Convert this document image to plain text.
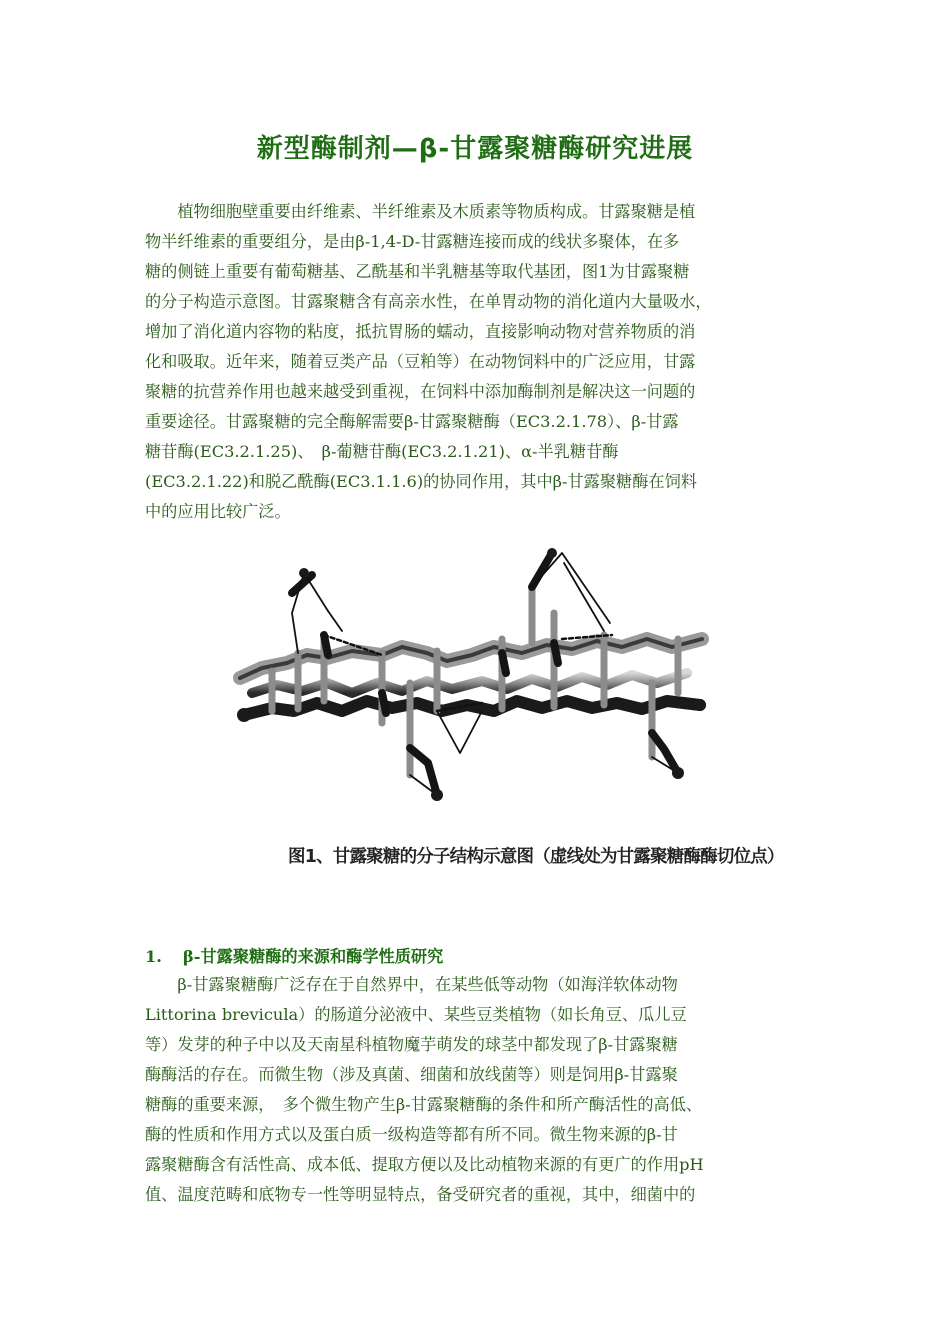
新型酶制剂—β-甘露聚糖酶研究进展
　　植物细胞壁重要由纤维素、半纤维素及木质素等物质构成。甘露聚糖是植
物半纤维素的重要组分，是由β-1,4-D-甘露糖连接而成的线状多聚体，在多
糖的侧链上重要有葡萄糖基、乙酰基和半乳糖基等取代基团，图1为甘露聚糖
的分子构造示意图。甘露聚糖含有高亲水性，在单胃动物的消化道内大量吸水，
增加了消化道内容物的粘度，抵抗胃肠的蠕动，直接影响动物对营养物质的消
化和吸取。近年来，随着豆类产品（豆粕等）在动物饲料中的广泛应用，甘露
聚糖的抗营养作用也越来越受到重视，在饲料中添加酶制剂是解决这一问题的
重要途径。甘露聚糖的完全酶解需要β-甘露聚糖酶（EC3.2.1.78）、β-甘露
糖苷酶(EC3.2.1.25)、　β-葡糖苷酶(EC3.2.1.21)、α-半乳糖苷酶
(EC3.2.1.22)和脱乙酰酶(EC3.1.1.6)的协同作用，其中β-甘露聚糖酶在饲料
中的应用比较广泛。
图1、甘露聚糖的分子结构示意图（虚线处为甘露聚糖酶酶切位点）
1. β-甘露聚糖酶的来源和酶学性质研究
　　β-甘露聚糖酶广泛存在于自然界中，在某些低等动物（如海洋软体动物
Littorina brevicula）的肠道分泌液中、某些豆类植物（如长角豆、瓜儿豆
等）发芽的种子中以及天南星科植物魔芋萌发的球茎中都发现了β-甘露聚糖
酶酶活的存在。而微生物（涉及真菌、细菌和放线菌等）则是饲用β-甘露聚
糖酶的重要来源，　多个微生物产生β-甘露聚糖酶的条件和所产酶活性的高低、
酶的性质和作用方式以及蛋白质一级构造等都有所不同。微生物来源的β-甘
露聚糖酶含有活性高、成本低、提取方便以及比动植物来源的有更广的作用pH
值、温度范畴和底物专一性等明显特点，备受研究者的重视，其中，细菌中的
